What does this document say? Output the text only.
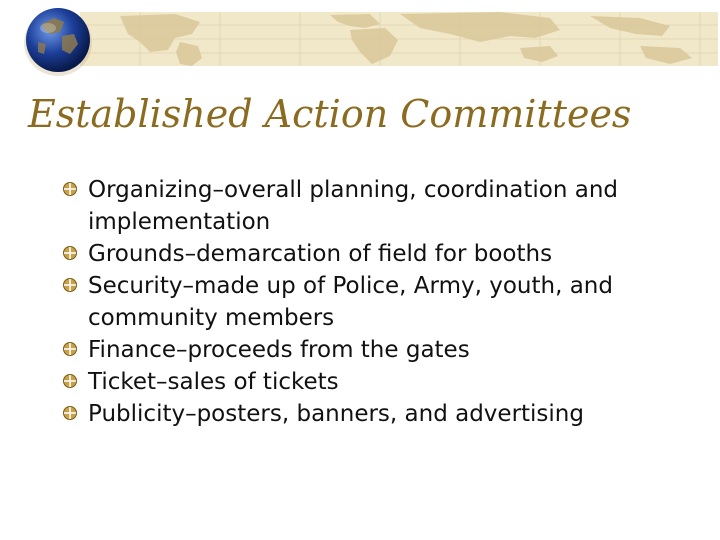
Established Action Committees
Organizing–overall planning, coordination and implementation
Grounds–demarcation of field for booths
Security–made up of Police, Army, youth, and community members
Finance–proceeds from the gates
Ticket–sales of tickets
Publicity–posters, banners, and advertising
